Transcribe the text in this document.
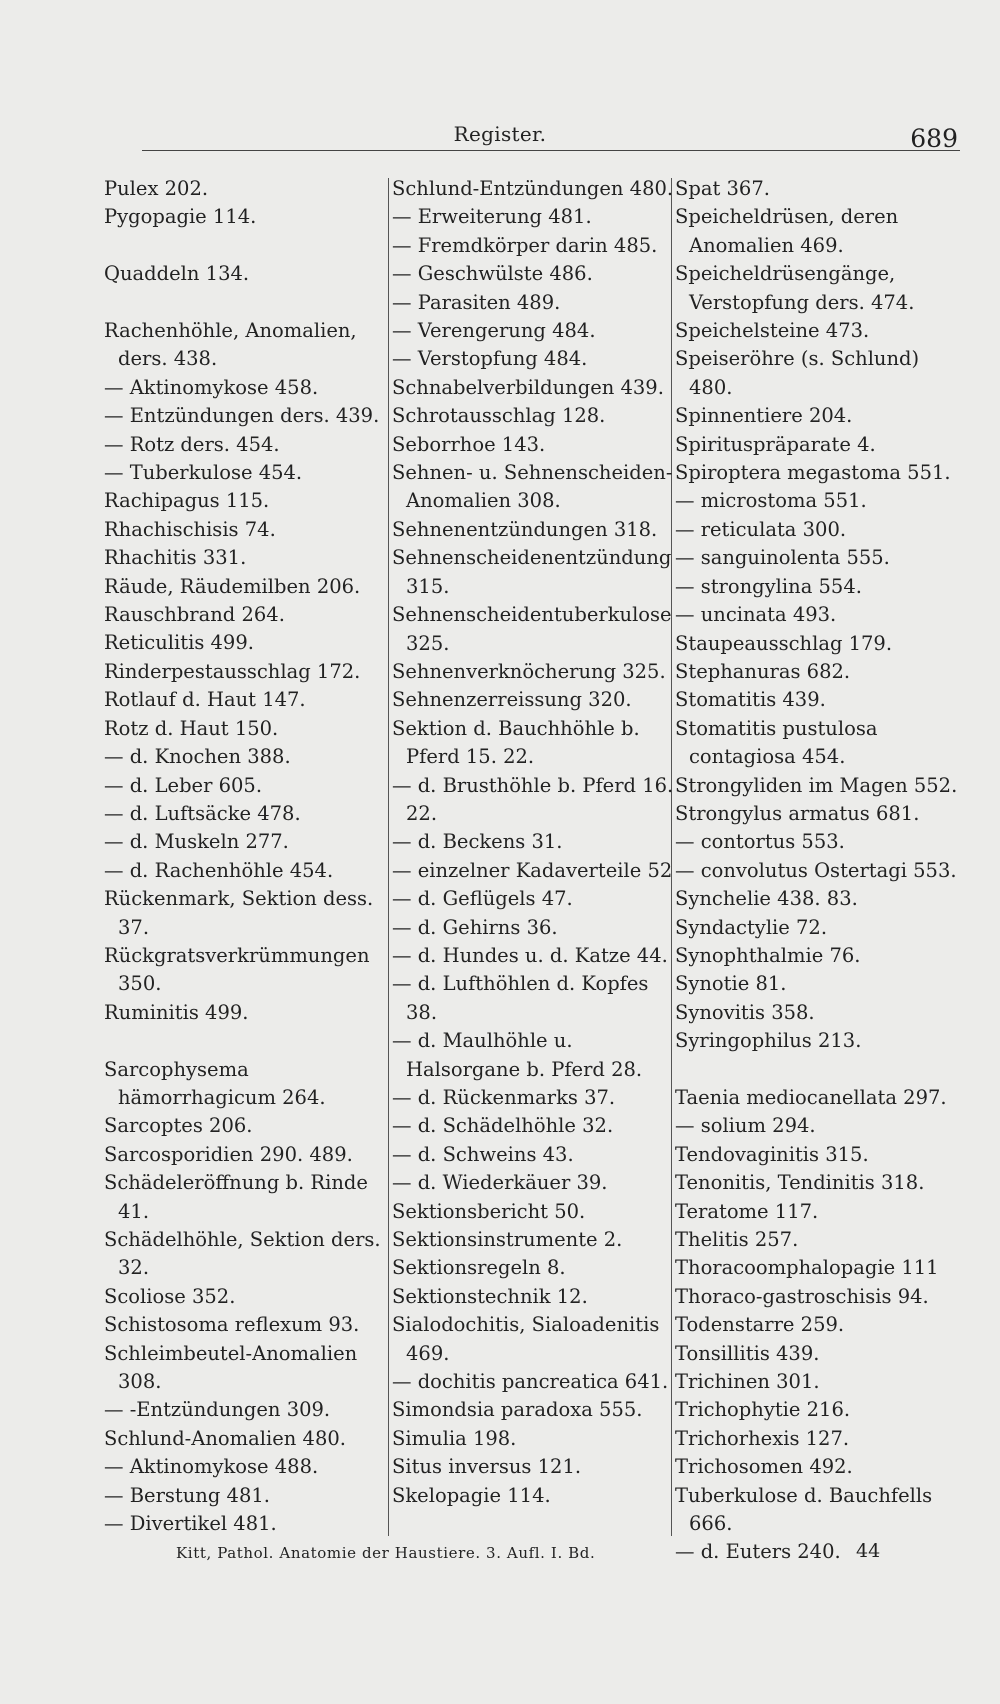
Register.	689
Pulex 202.
Pygopagie 114.
Quaddeln 134.
Rachenhöhle, Anomalien, ders. 438.
— Aktinomykose 458.
— Entzündungen ders. 439.
— Rotz ders. 454.
— Tuberkulose 454.
Rachipagus 115.
Rhachischisis 74.
Rhachitis 331.
Räude, Räudemilben 206.
Rauschbrand 264.
Reticulitis 499.
Rinderpestausschlag 172.
Rotlauf d. Haut 147.
Rotz d. Haut 150.
— d. Knochen 388.
— d. Leber 605.
— d. Luftsäcke 478.
— d. Muskeln 277.
— d. Rachenhöhle 454.
Rückenmark, Sektion dess. 37.
Rückgratsverkrümmungen 350.
Ruminitis 499.
Sarcophysema hämorrhagicum 264.
Sarcoptes 206.
Sarcosporidien 290. 489.
Schädeleröffnung b. Rinde 41.
Schädelhöhle, Sektion ders. 32.
Scoliose 352.
Schistosoma reflexum 93.
Schleimbeutel-Anomalien 308.
— -Entzündungen 309.
Schlund-Anomalien 480.
— Aktinomykose 488.
— Berstung 481.
— Divertikel 481.
Schlund-Entzündungen 480.
— Erweiterung 481.
— Fremdkörper darin 485.
— Geschwülste 486.
— Parasiten 489.
— Verengerung 484.
— Verstopfung 484.
Schnabelverbildungen 439.
Schrotausschlag 128.
Seborrhoe 143.
Sehnen- u. Sehnenscheiden-Anomalien 308.
Sehnenentzündungen 318.
Sehnenscheidenentzündung 315.
Sehnenscheidentuberkulose 325.
Sehnenverknöcherung 325.
Sehnenzerreissung 320.
Sektion d. Bauchhöhle b. Pferd 15. 22.
— d. Brusthöhle b. Pferd 16. 22.
— d. Beckens 31.
— einzelner Kadaverteile 52
— d. Geflügels 47.
— d. Gehirns 36.
— d. Hundes u. d. Katze 44.
— d. Lufthöhlen d. Kopfes 38.
— d. Maulhöhle u. Halsorgane b. Pferd 28.
— d. Rückenmarks 37.
— d. Schädelhöhle 32.
— d. Schweins 43.
— d. Wiederkäuer 39.
Sektionsbericht 50.
Sektionsinstrumente 2.
Sektionsregeln 8.
Sektionstechnik 12.
Sialodochitis, Sialoadenitis 469.
— dochitis pancreatica 641.
Simondsia paradoxa 555.
Simulia 198.
Situs inversus 121.
Skelopagie 114.
Spat 367.
Speicheldrüsen, deren Anomalien 469.
Speicheldrüsengänge, Verstopfung ders. 474.
Speichelsteine 473.
Speiseröhre (s. Schlund) 480.
Spinnentiere 204.
Spirituspräparate 4.
Spiroptera megastoma 551.
— microstoma 551.
— reticulata 300.
— sanguinolenta 555.
— strongylina 554.
— uncinata 493.
Staupeausschlag 179.
Stephanuras 682.
Stomatitis 439.
Stomatitis pustulosa contagiosa 454.
Strongyliden im Magen 552.
Strongylus armatus 681.
— contortus 553.
— convolutus Ostertagi 553.
Synchelie 438. 83.
Syndactylie 72.
Synophthalmie 76.
Synotie 81.
Synovitis 358.
Syringophilus 213.
Taenia mediocanellata 297.
— solium 294.
Tendovaginitis 315.
Tenonitis, Tendinitis 318.
Teratome 117.
Thelitis 257.
Thoracoomphalopagie 111
Thoraco-gastroschisis 94.
Todenstarre 259.
Tonsillitis 439.
Trichinen 301.
Trichophytie 216.
Trichorhexis 127.
Trichosomen 492.
Tuberkulose d. Bauchfells 666.
— d. Euters 240.
Kitt, Pathol. Anatomie der Haustiere. 3. Aufl. I. Bd.	44
